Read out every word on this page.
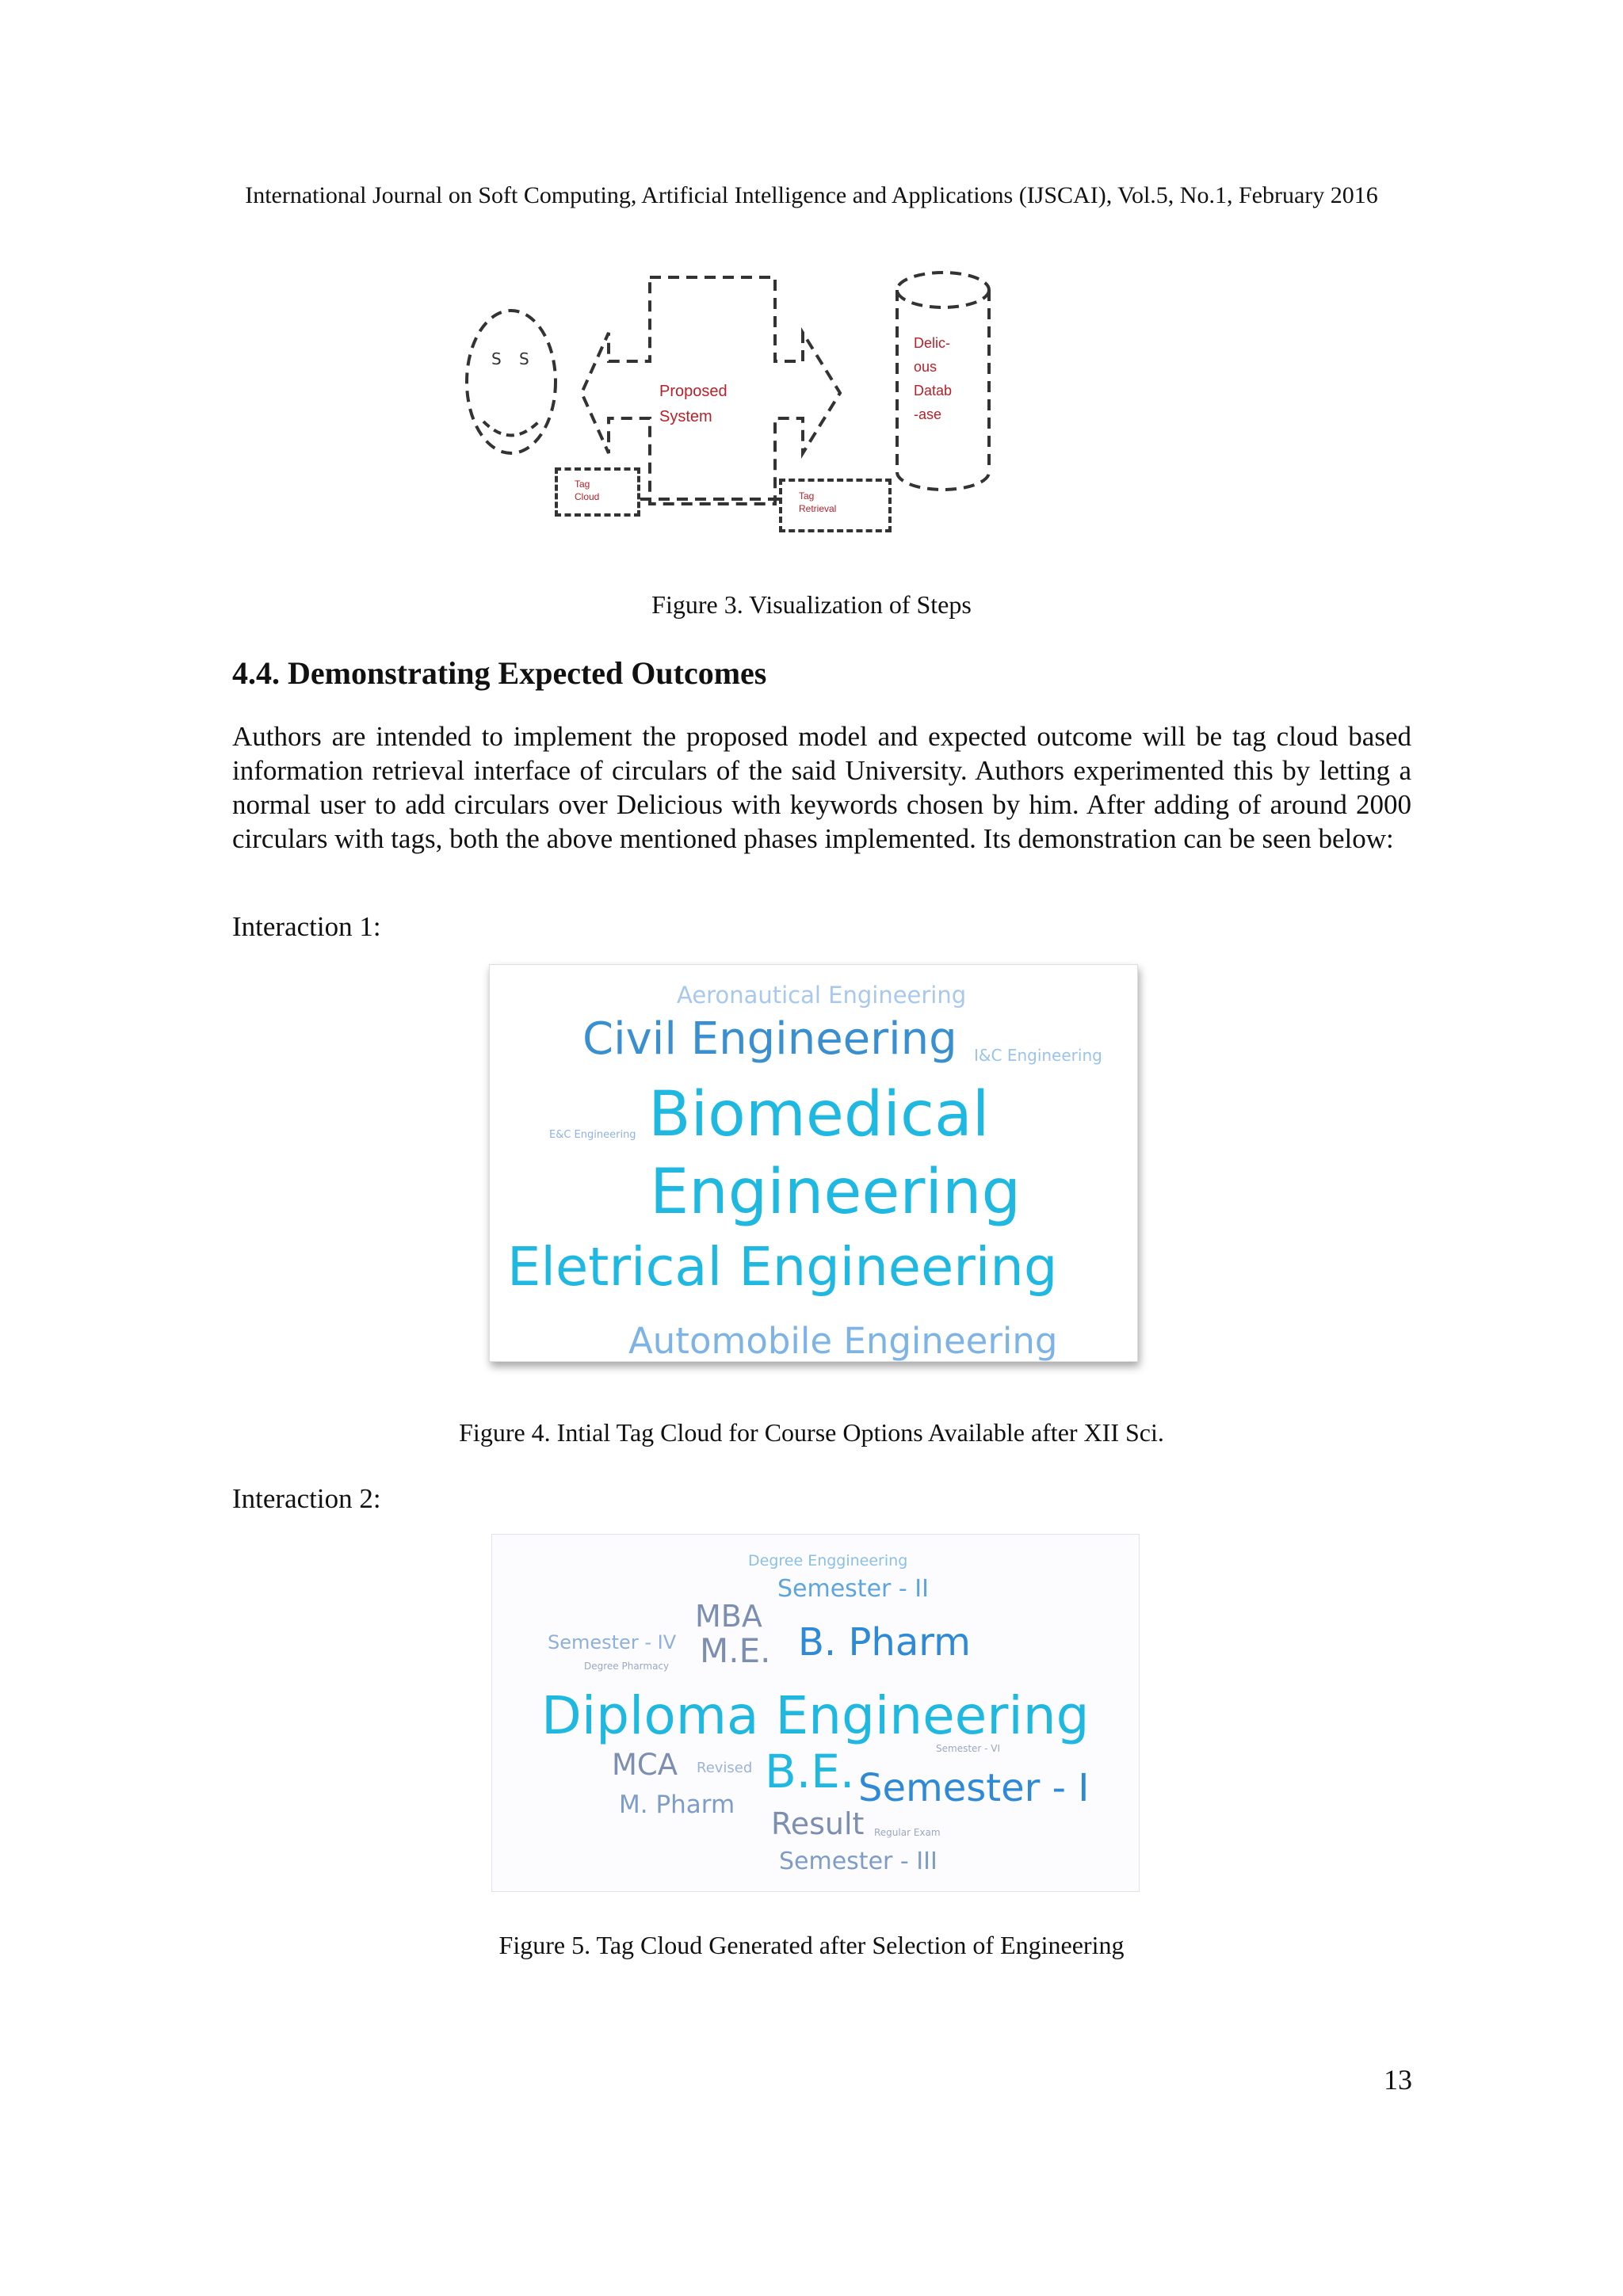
International Journal on Soft Computing, Artificial Intelligence and Applications (IJSCAI), Vol.5, No.1, February 2016
S S
Proposed
System
Delic-
ous
Datab
-ase
Tag
Cloud	Tag
Retrieval
Figure 3. Visualization of Steps
4.4. Demonstrating Expected Outcomes
Authors are intended to implement the proposed model and expected outcome will be tag cloud based information retrieval interface of circulars of the said University. Authors experimented this by letting a normal user to add circulars over Delicious with keywords chosen by him. After adding of around 2000 circulars with tags, both the above mentioned phases implemented. Its demonstration can be seen below:
Interaction 1:
Aeronautical Engineering
Civil Engineering I&C Engineering
E&C Engineering Biomedical
Engineering
Eletrical Engineering
Automobile Engineering
Figure 4. Intial Tag Cloud for Course Options Available after XII Sci.
Interaction 2:
Degree Enggineering
Semester - II
MBA
Semester - IV M.E. B. Pharm
Degree Pharmacy
Diploma Engineering
MCA Revised B.E.	Semester - VI
Semester - I
M. Pharm
Result Regular Exam
Semester - III
Figure 5. Tag Cloud Generated after Selection of Engineering
13
